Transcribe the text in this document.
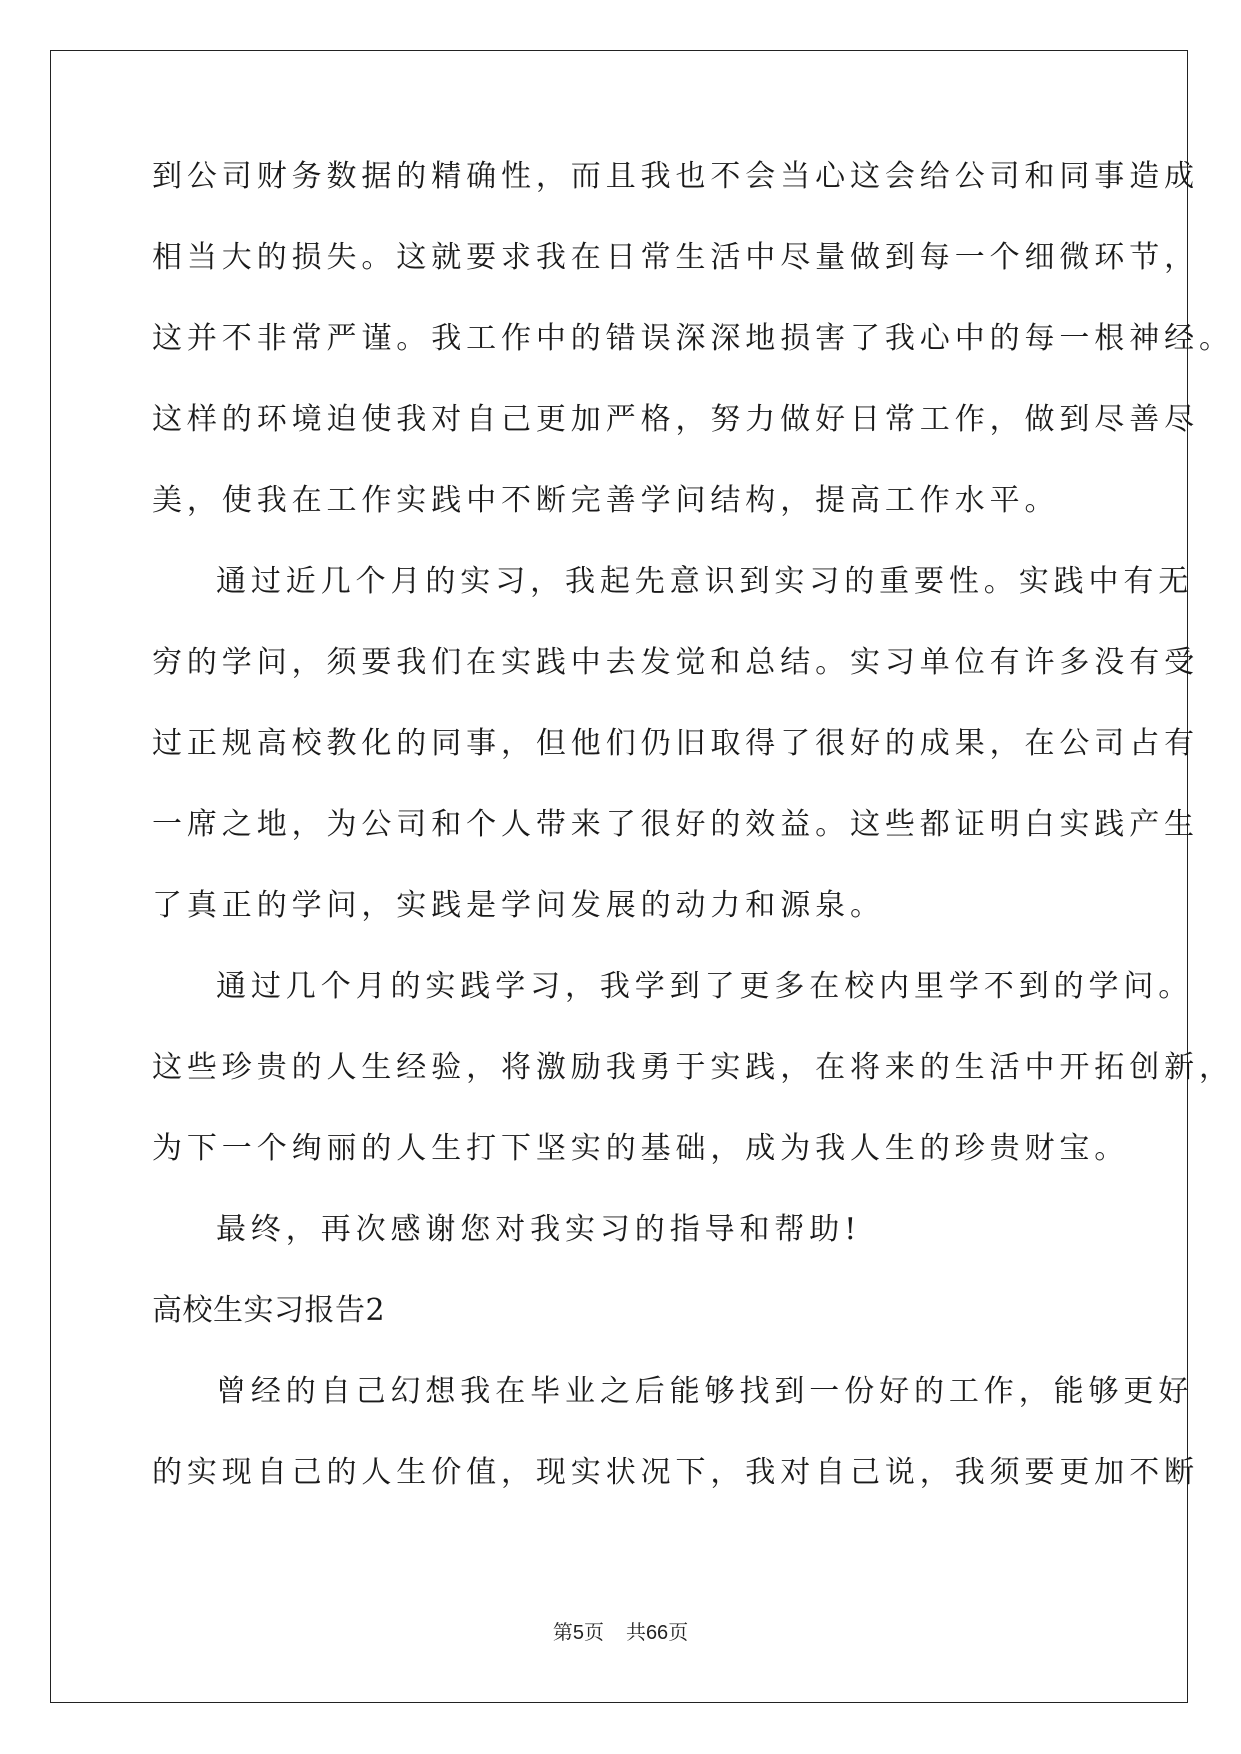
到公司财务数据的精确性，而且我也不会当心这会给公司和同事造成
相当大的损失。这就要求我在日常生活中尽量做到每一个细微环节，
这并不非常严谨。我工作中的错误深深地损害了我心中的每一根神经。
这样的环境迫使我对自己更加严格，努力做好日常工作，做到尽善尽
美，使我在工作实践中不断完善学问结构，提高工作水平。
通过近几个月的实习，我起先意识到实习的重要性。实践中有无
穷的学问，须要我们在实践中去发觉和总结。实习单位有许多没有受
过正规高校教化的同事，但他们仍旧取得了很好的成果，在公司占有
一席之地，为公司和个人带来了很好的效益。这些都证明白实践产生
了真正的学问，实践是学问发展的动力和源泉。
通过几个月的实践学习，我学到了更多在校内里学不到的学问。
这些珍贵的人生经验，将激励我勇于实践，在将来的生活中开拓创新，
为下一个绚丽的人生打下坚实的基础，成为我人生的珍贵财宝。
最终，再次感谢您对我实习的指导和帮助!
高校生实习报告2
曾经的自己幻想我在毕业之后能够找到一份好的工作，能够更好
的实现自己的人生价值，现实状况下，我对自己说，我须要更加不断
第5页 共66页
